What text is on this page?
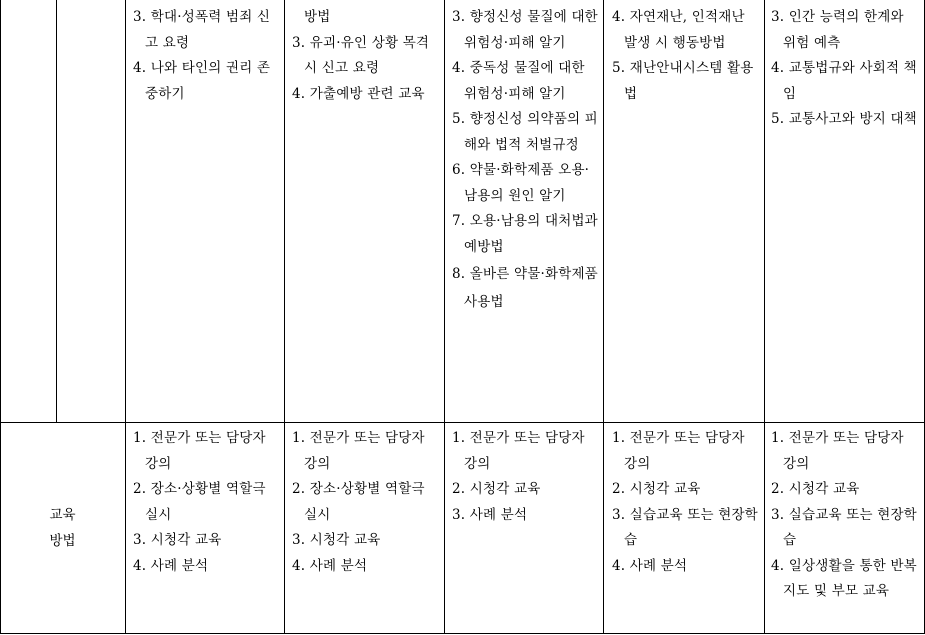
3. 학대·성폭력 범죄 신고 요령
4. 나와 타인의 권리 존중하기
방법
3. 유괴·유인 상황 목격 시 신고 요령
4. 가출예방 관련 교육
3. 향정신성 물질에 대한 위험성·피해 알기
4. 중독성 물질에 대한 위험성·피해 알기
5. 향정신성 의약품의 피해와 법적 처벌규정
6. 약물·화학제품 오용·남용의 원인 알기
7. 오용·남용의 대처법과 예방법
8. 올바른 약물·화학제품 사용법
4. 자연재난, 인적재난 발생 시 행동방법
5. 재난안내시스템 활용법
3. 인간 능력의 한계와 위험 예측
4. 교통법규와 사회적 책임
5. 교통사고와 방지 대책
교육
방법
1. 전문가 또는 담당자 강의
2. 장소·상황별 역할극 실시
3. 시청각 교육
4. 사례 분석
1. 전문가 또는 담당자 강의
2. 장소·상황별 역할극 실시
3. 시청각 교육
4. 사례 분석
1. 전문가 또는 담당자 강의
2. 시청각 교육
3. 사례 분석
1. 전문가 또는 담당자 강의
2. 시청각 교육
3. 실습교육 또는 현장학습
4. 사례 분석
1. 전문가 또는 담당자 강의
2. 시청각 교육
3. 실습교육 또는 현장학습
4. 일상생활을 통한 반복 지도 및 부모 교육
